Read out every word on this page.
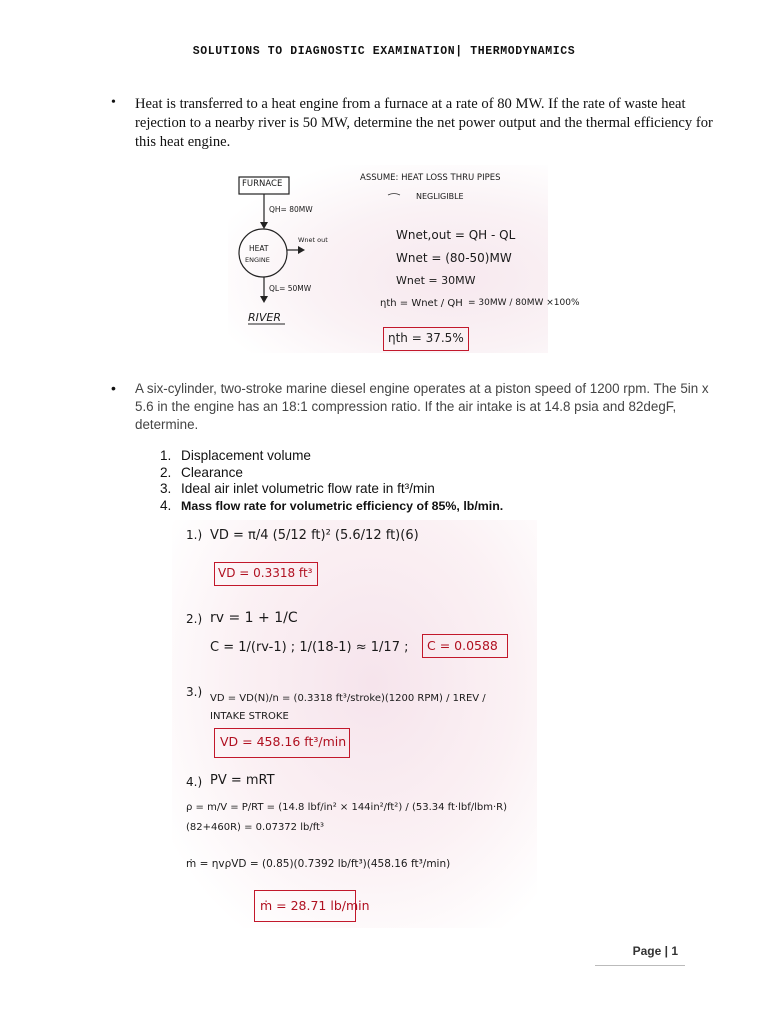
SOLUTIONS TO DIAGNOSTIC EXAMINATION| THERMODYNAMICS
• Heat is transferred to a heat engine from a furnace at a rate of 80 MW. If the rate of waste heat rejection to a nearby river is 50 MW, determine the net power output and the thermal efficiency for this heat engine.
FURNACE
QH= 80MW
HEAT
ENGINE
Wnet out
QL= 50MW
RIVER
ASSUME: HEAT LOSS THRU PIPES
NEGLIGIBLE
Wnet,out = QH - QL
Wnet = (80-50)MW
Wnet = 30MW
ηth = Wnet / QH = 30MW / 80MW ×100%
ηth = 37.5%
• A six-cylinder, two-stroke marine diesel engine operates at a piston speed of 1200 rpm. The 5in x 5.6 in the engine has an 18:1 compression ratio. If the air intake is at 14.8 psia and 82degF, determine.
1. Displacement volume
2. Clearance
3. Ideal air inlet volumetric flow rate in ft³/min
4. Mass flow rate for volumetric efficiency of 85%, lb/min.
1.) VD = π/4 (5/12 ft)² (5.6/12 ft)(6)
VD = 0.3318 ft³
2.) rv = 1 + 1/C
C = 1/(rv-1) ; 1/(18-1) ≈ 1/17 ; C = 0.0588
3.) VD = VD(N)/n = (0.3318 ft³/stroke)(1200 RPM) / 1REV / INTAKE STROKE
VD = 458.16 ft³/min
4.) PV = mRT
ρ = m/V = P/RT = (14.8 lbf/in² × 144in²/ft²) / (53.34 ft·lbf/lbm·R)(82+460R) = 0.07372 lb/ft³
ṁ = ηvρVD = (0.85)(0.7392 lb/ft³)(458.16 ft³/min)
ṁ = 28.71 lb/min
Page | 1
